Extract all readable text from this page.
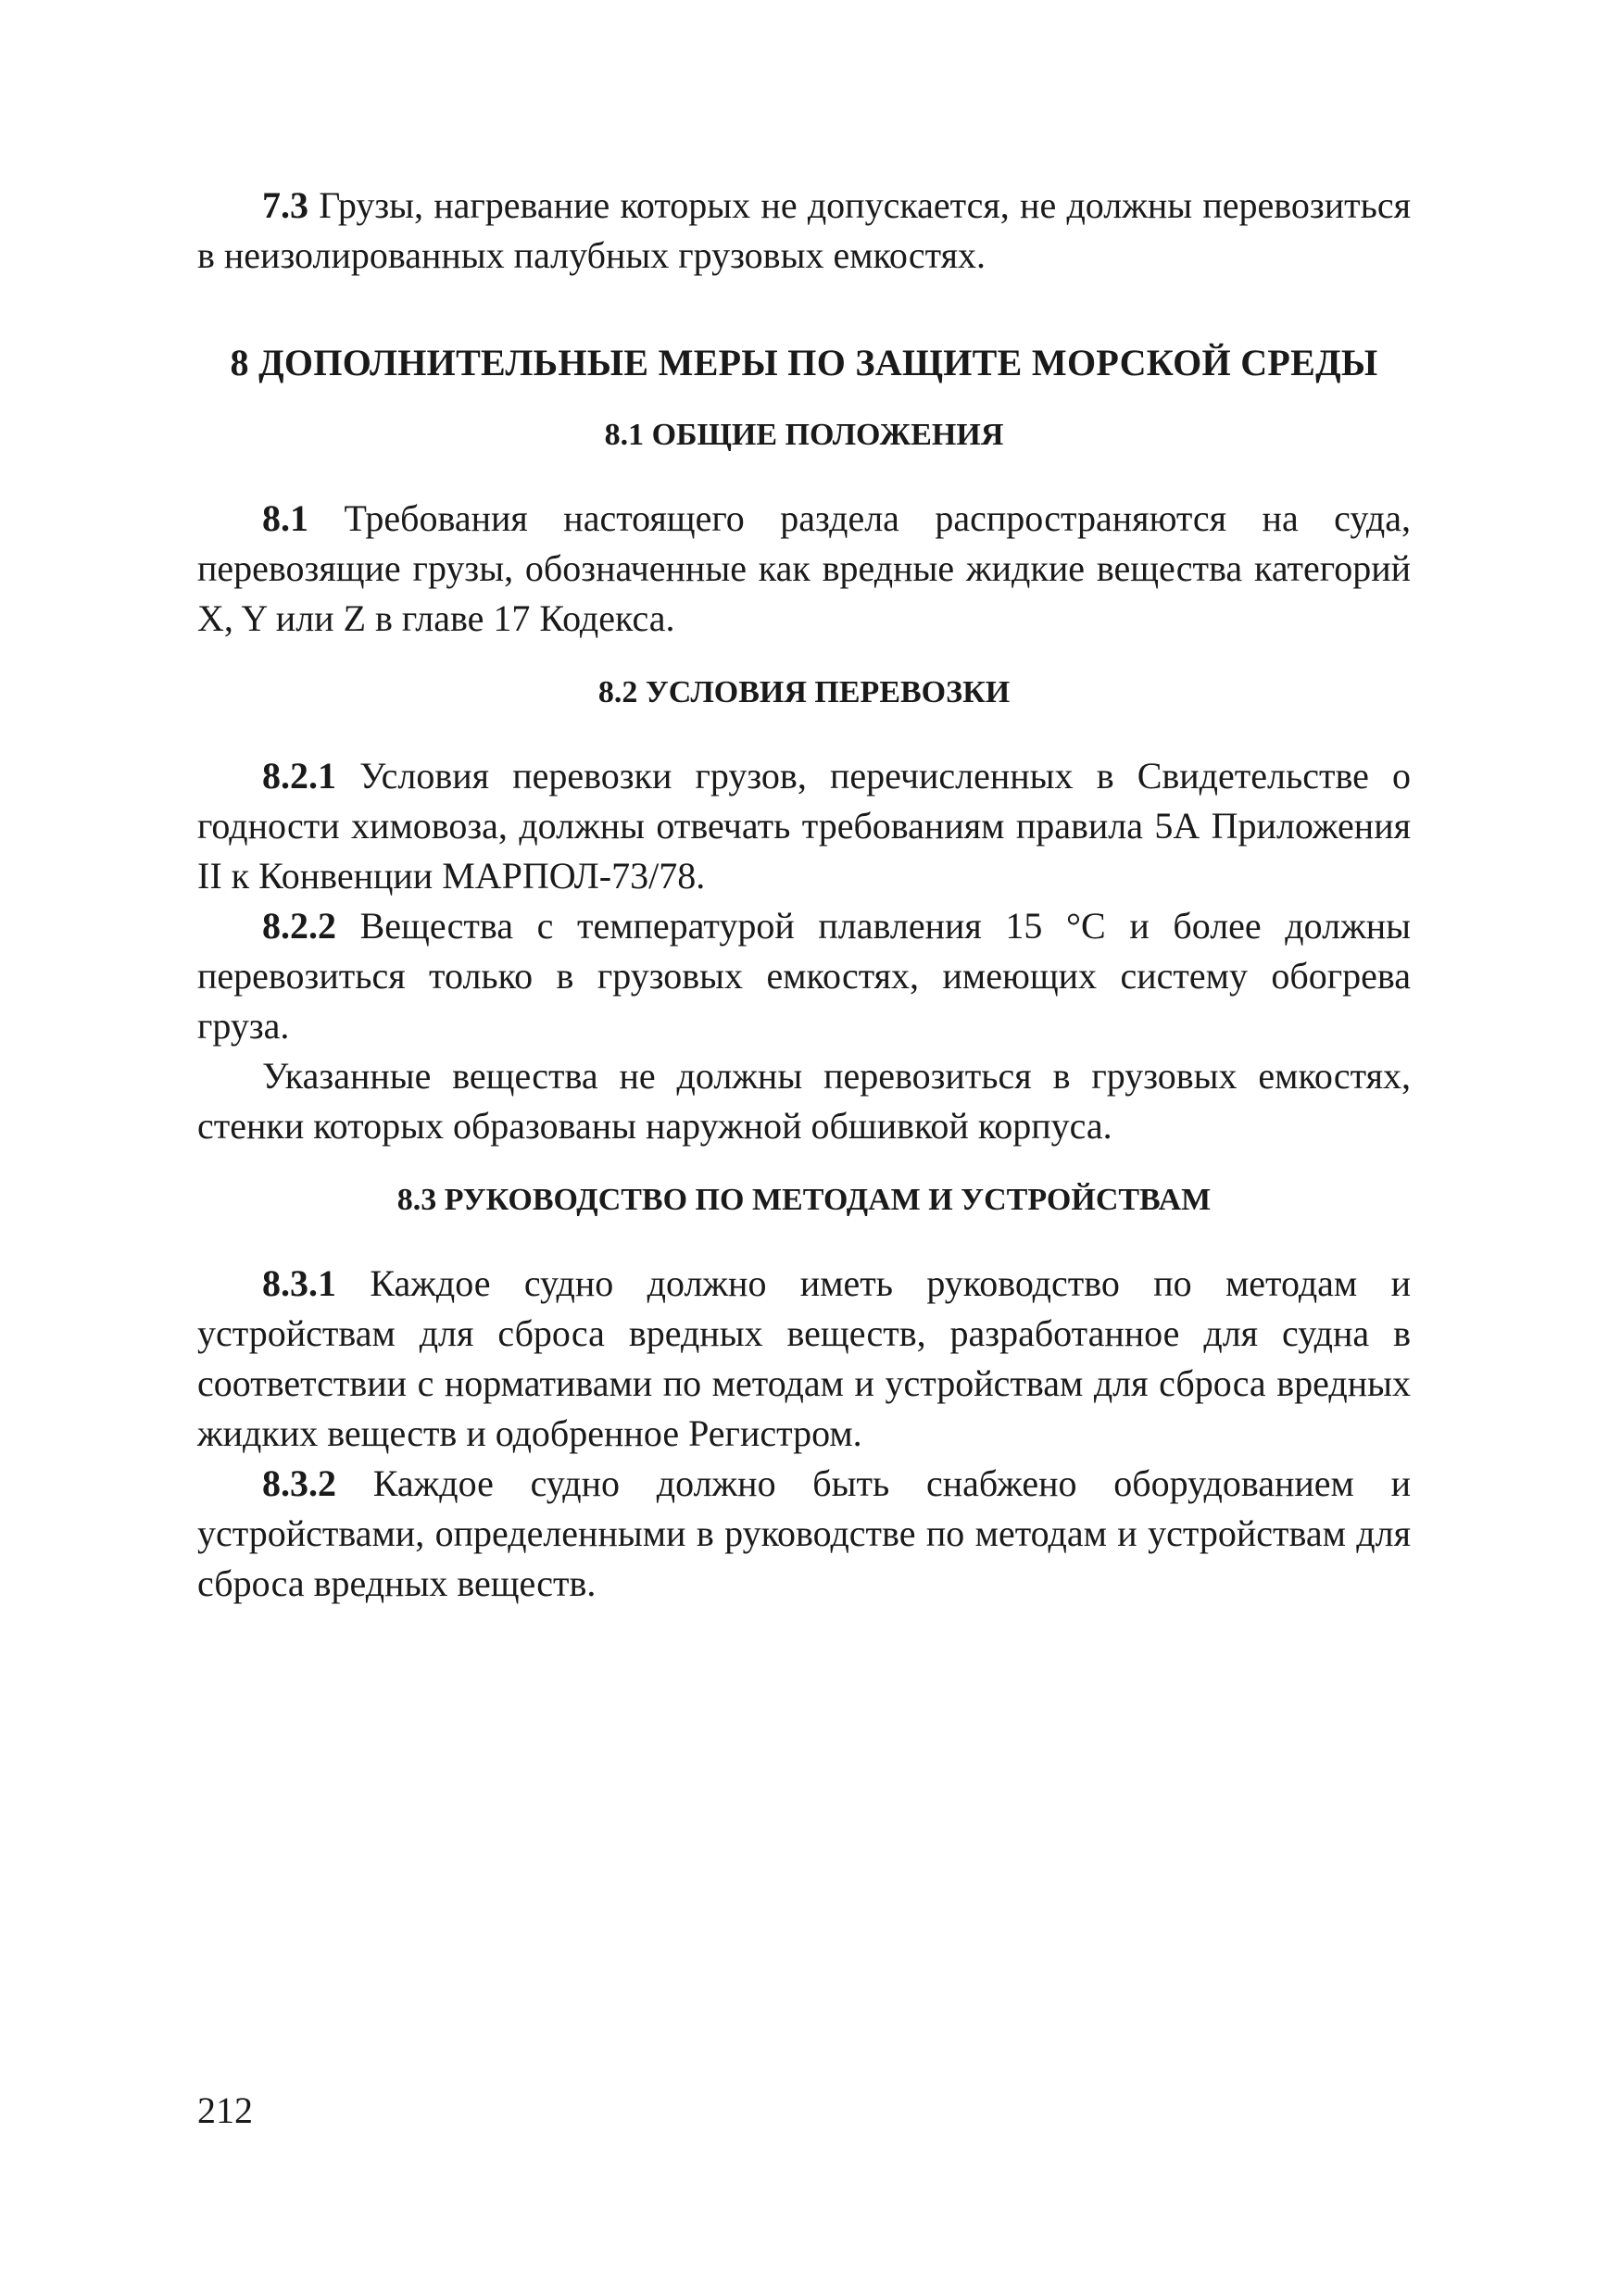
7.3 Грузы, нагревание которых не допускается, не должны перевозиться в неизолированных палубных грузовых емкостях.

8 ДОПОЛНИТЕЛЬНЫЕ МЕРЫ ПО ЗАЩИТЕ МОРСКОЙ СРЕДЫ
8.1 ОБЩИЕ ПОЛОЖЕНИЯ

8.1 Требования настоящего раздела распространяются на суда, перевозящие грузы, обозначенные как вредные жидкие вещества категорий X, Y или Z в главе 17 Кодекса.

8.2 УСЛОВИЯ ПЕРЕВОЗКИ

8.2.1 Условия перевозки грузов, перечисленных в Свидетельстве о годности химовоза, должны отвечать требованиям правила 5А Приложения II к Конвенции МАРПОЛ-73/78.

8.2.2 Вещества с температурой плавления 15 °С и более должны перевозиться только в грузовых емкостях, имеющих систему обогрева груза.

Указанные вещества не должны перевозиться в грузовых емкостях, стенки которых образованы наружной обшивкой корпуса.

8.3 РУКОВОДСТВО ПО МЕТОДАМ И УСТРОЙСТВАМ

8.3.1 Каждое судно должно иметь руководство по методам и устройствам для сброса вредных веществ, разработанное для судна в соответствии с нормативами по методам и устройствам для сброса вредных жидких веществ и одобренное Регистром.

8.3.2 Каждое судно должно быть снабжено оборудованием и устройствами, определенными в руководстве по методам и устройствам для сброса вредных веществ.

212
